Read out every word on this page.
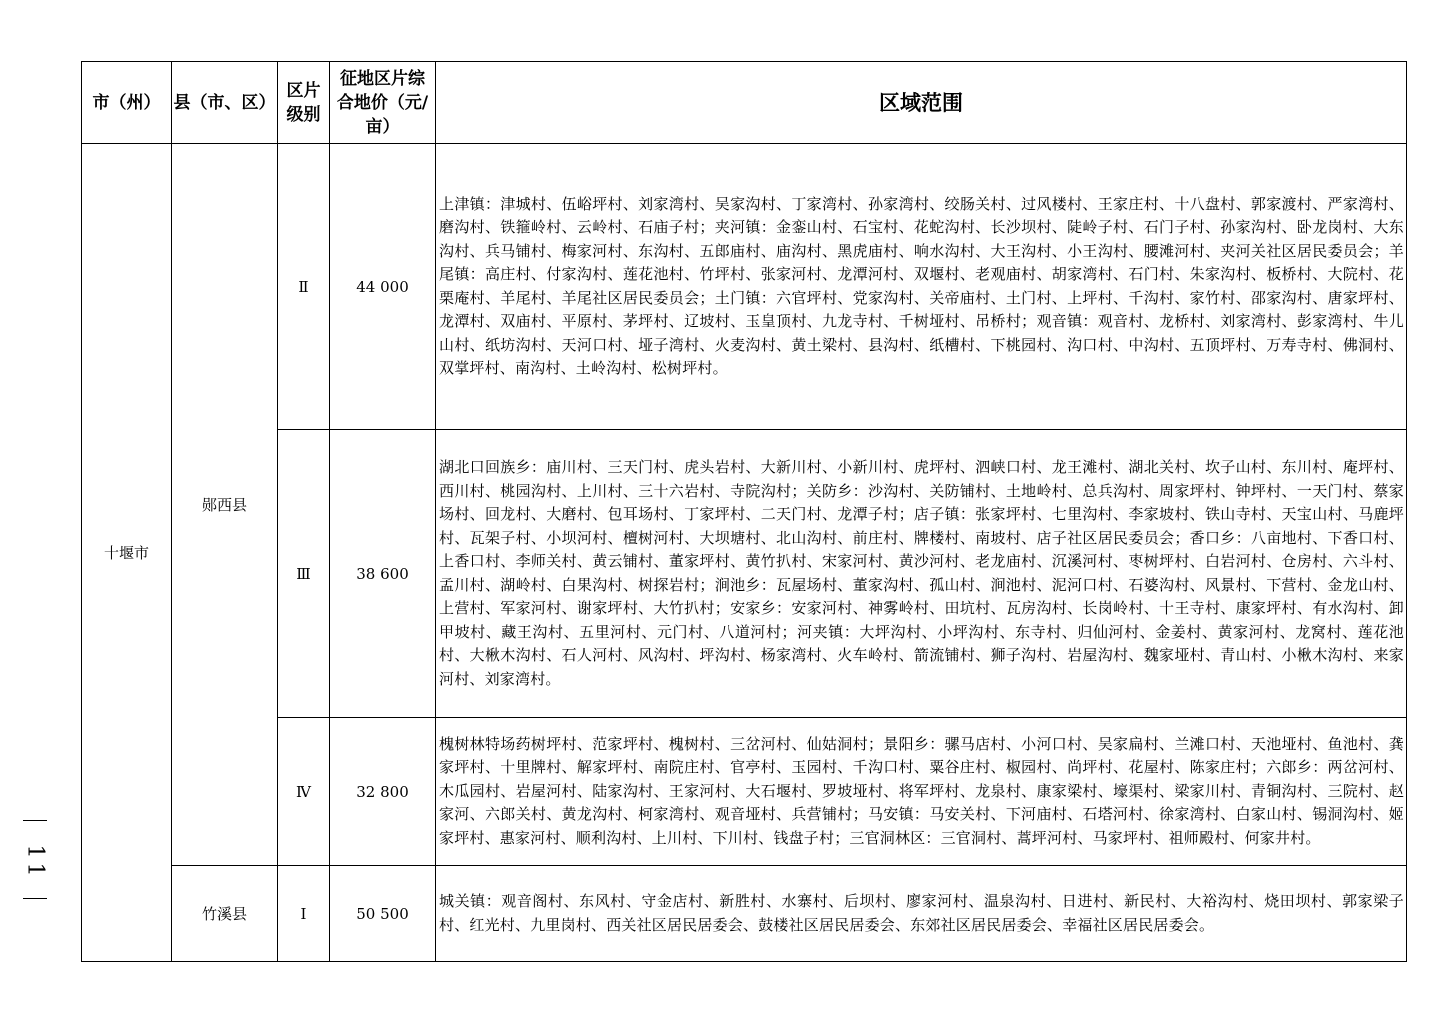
市（州）	县（市、区）	区片级别	征地区片综合地价（元/亩）	区域范围
十堰市	郧西县	Ⅱ	44 000	上津镇：津城村、伍峪坪村、刘家湾村、吴家沟村、丁家湾村、孙家湾村、绞肠关村、过风楼村、王家庄村、十八盘村、郭家渡村、严家湾村、磨沟村、铁箍岭村、云岭村、石庙子村；夹河镇：金銮山村、石宝村、花蛇沟村、长沙坝村、陡岭子村、石门子村、孙家沟村、卧龙岗村、大东沟村、兵马铺村、梅家河村、东沟村、五郎庙村、庙沟村、黑虎庙村、响水沟村、大王沟村、小王沟村、腰滩河村、夹河关社区居民委员会；羊尾镇：高庄村、付家沟村、莲花池村、竹坪村、张家河村、龙潭河村、双堰村、老观庙村、胡家湾村、石门村、朱家沟村、板桥村、大院村、花栗庵村、羊尾村、羊尾社区居民委员会；土门镇：六官坪村、党家沟村、关帝庙村、土门村、上坪村、千沟村、家竹村、邵家沟村、唐家坪村、龙潭村、双庙村、平原村、茅坪村、辽坡村、玉皇顶村、九龙寺村、千树垭村、吊桥村；观音镇：观音村、龙桥村、刘家湾村、彭家湾村、牛儿山村、纸坊沟村、天河口村、垭子湾村、火麦沟村、黄土梁村、县沟村、纸槽村、下桃园村、沟口村、中沟村、五顶坪村、万寿寺村、佛洞村、双掌坪村、南沟村、土岭沟村、松树坪村。
		Ⅲ	38 600	湖北口回族乡：庙川村、三天门村、虎头岩村、大新川村、小新川村、虎坪村、泗峡口村、龙王滩村、湖北关村、坎子山村、东川村、庵坪村、西川村、桃园沟村、上川村、三十六岩村、寺院沟村；关防乡：沙沟村、关防铺村、土地岭村、总兵沟村、周家坪村、钟坪村、一天门村、蔡家场村、回龙村、大磨村、包耳场村、丁家坪村、二天门村、龙潭子村；店子镇：张家坪村、七里沟村、李家坡村、铁山寺村、天宝山村、马鹿坪村、瓦架子村、小坝河村、檀树河村、大坝塘村、北山沟村、前庄村、牌楼村、南坡村、店子社区居民委员会；香口乡：八亩地村、下香口村、上香口村、李师关村、黄云铺村、董家坪村、黄竹扒村、宋家河村、黄沙河村、老龙庙村、沉溪河村、枣树坪村、白岩河村、仓房村、六斗村、孟川村、湖岭村、白果沟村、树探岩村；涧池乡：瓦屋场村、董家沟村、孤山村、涧池村、泥河口村、石婆沟村、风景村、下营村、金龙山村、上营村、军家河村、谢家坪村、大竹扒村；安家乡：安家河村、神雾岭村、田坑村、瓦房沟村、长岗岭村、十王寺村、康家坪村、有水沟村、卸甲坡村、藏王沟村、五里河村、元门村、八道河村；河夹镇：大坪沟村、小坪沟村、东寺村、归仙河村、金姜村、黄家河村、龙窝村、莲花池村、大楸木沟村、石人河村、风沟村、坪沟村、杨家湾村、火车岭村、箭流铺村、狮子沟村、岩屋沟村、魏家垭村、青山村、小楸木沟村、来家河村、刘家湾村。
		Ⅳ	32 800	槐树林特场药树坪村、范家坪村、槐树村、三岔河村、仙姑洞村；景阳乡：骡马店村、小河口村、吴家扁村、兰滩口村、天池垭村、鱼池村、龚家坪村、十里牌村、解家坪村、南院庄村、官亭村、玉园村、千沟口村、粟谷庄村、椒园村、尚坪村、花屋村、陈家庄村；六郎乡：两岔河村、木瓜园村、岩屋河村、陆家沟村、王家河村、大石堰村、罗坡垭村、将军坪村、龙泉村、康家梁村、壕渠村、梁家川村、青铜沟村、三院村、赵家河、六郎关村、黄龙沟村、柯家湾村、观音垭村、兵营铺村；马安镇：马安关村、下河庙村、石塔河村、徐家湾村、白家山村、锡洞沟村、姬家坪村、惠家河村、顺利沟村、上川村、下川村、钱盘子村；三官洞林区：三官洞村、蒿坪河村、马家坪村、祖师殿村、何家井村。
	竹溪县	Ⅰ	50 500	城关镇：观音阁村、东风村、守金店村、新胜村、水寨村、后坝村、廖家河村、温泉沟村、日进村、新民村、大裕沟村、烧田坝村、郭家梁子村、红光村、九里岗村、西关社区居民居委会、鼓楼社区居民居委会、东郊社区居民居委会、幸福社区居民居委会。
11
